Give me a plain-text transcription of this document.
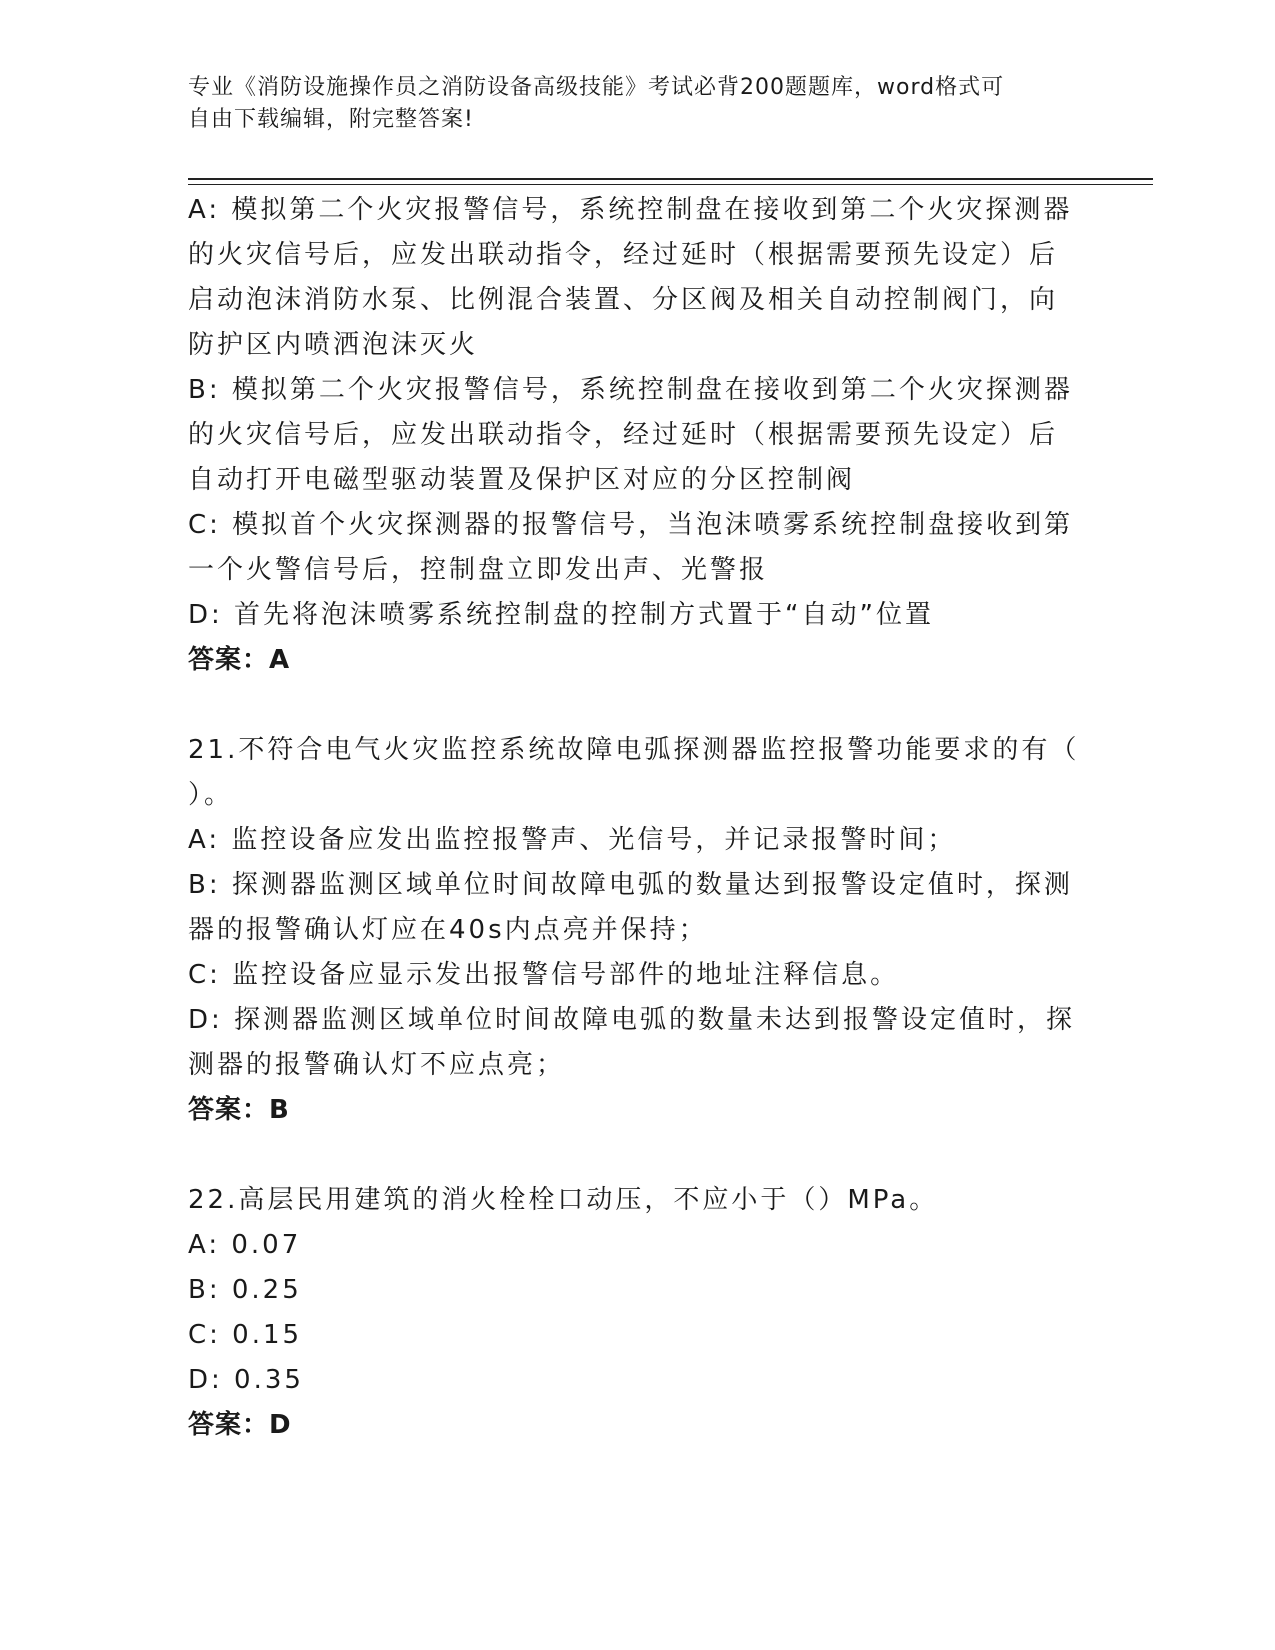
专业《消防设施操作员之消防设备高级技能》考试必背200题题库，word格式可
自由下载编辑，附完整答案!
A: 模拟第二个火灾报警信号，系统控制盘在接收到第二个火灾探测器
的火灾信号后，应发出联动指令，经过延时（根据需要预先设定）后
启动泡沫消防水泵、比例混合装置、分区阀及相关自动控制阀门，向
防护区内喷洒泡沫灭火
B: 模拟第二个火灾报警信号，系统控制盘在接收到第二个火灾探测器
的火灾信号后，应发出联动指令，经过延时（根据需要预先设定）后
自动打开电磁型驱动装置及保护区对应的分区控制阀
C: 模拟首个火灾探测器的报警信号，当泡沫喷雾系统控制盘接收到第
一个火警信号后，控制盘立即发出声、光警报
D: 首先将泡沫喷雾系统控制盘的控制方式置于“自动”位置
答案：A
21.不符合电气火灾监控系统故障电弧探测器监控报警功能要求的有（
）。
A: 监控设备应发出监控报警声、光信号，并记录报警时间；
B: 探测器监测区域单位时间故障电弧的数量达到报警设定值时，探测
器的报警确认灯应在40s内点亮并保持；
C: 监控设备应显示发出报警信号部件的地址注释信息。
D: 探测器监测区域单位时间故障电弧的数量未达到报警设定值时，探
测器的报警确认灯不应点亮；
答案：B
22.高层民用建筑的消火栓栓口动压，不应小于（）MPa。
A: 0.07
B: 0.25
C: 0.15
D: 0.35
答案：D
